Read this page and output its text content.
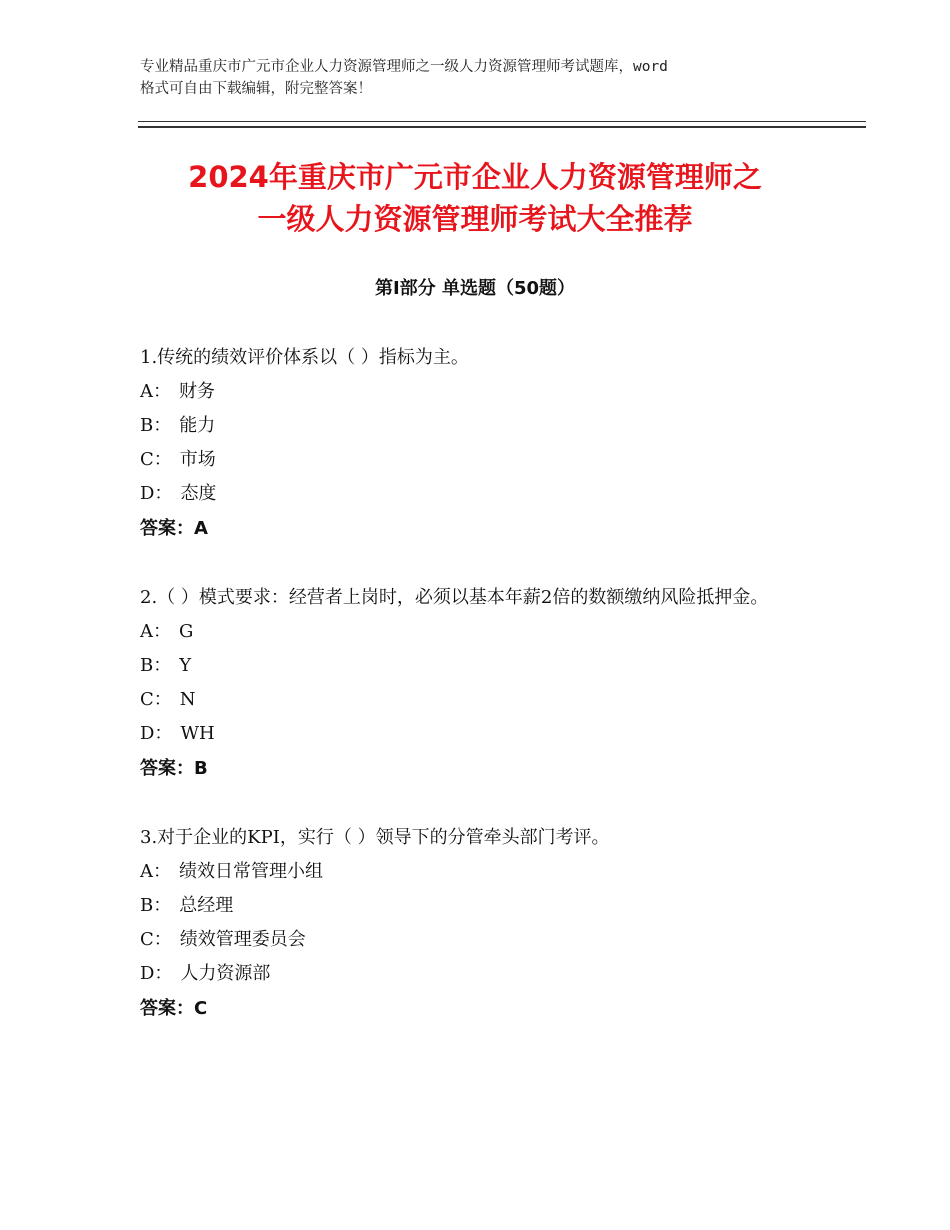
专业精品重庆市广元市企业人力资源管理师之一级人力资源管理师考试题库，word
格式可自由下载编辑，附完整答案！
2024年重庆市广元市企业人力资源管理师之
一级人力资源管理师考试大全推荐
第Ⅰ部分 单选题（50题）

1.传统的绩效评价体系以（ ）指标为主。

A： 财务

B： 能力

C： 市场

D： 态度

答案：A

2.（ ）模式要求：经营者上岗时，必须以基本年薪2倍的数额缴纳风险抵押金。

A： G

B： Y

C： N

D： WH

答案：B

3.对于企业的KPI，实行（ ）领导下的分管牵头部门考评。

A： 绩效日常管理小组

B： 总经理

C： 绩效管理委员会

D： 人力资源部

答案：C
